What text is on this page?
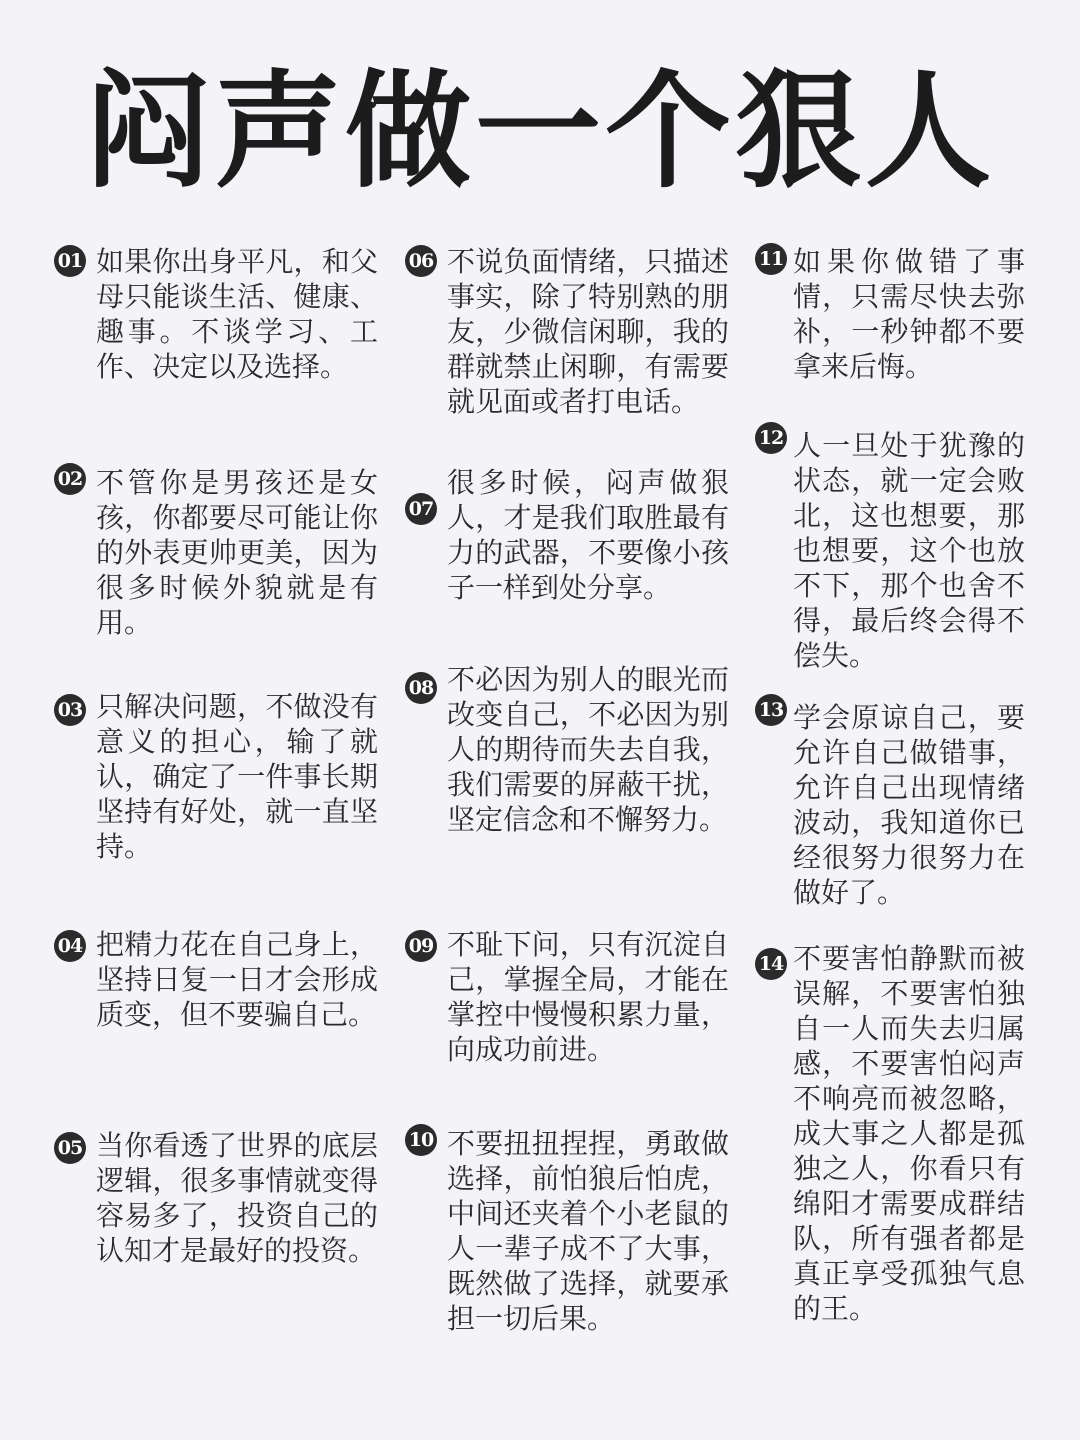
闷声做一个狠人
01 如果你出身平凡，和父母只能谈生活、健康、趣事。不谈学习、工作、决定以及选择。
02 不管你是男孩还是女孩，你都要尽可能让你的外表更帅更美，因为很多时候外貌就是有用。
03 只解决问题，不做没有意义的担心，输了就认，确定了一件事长期坚持有好处，就一直坚持。
04 把精力花在自己身上，坚持日复一日才会形成质变，但不要骗自己。
05 当你看透了世界的底层逻辑，很多事情就变得容易多了，投资自己的认知才是最好的投资。
06 不说负面情绪，只描述事实，除了特别熟的朋友，少微信闲聊，我的群就禁止闲聊，有需要就见面或者打电话。
07
很多时候，闷声做狠人，才是我们取胜最有力的武器，不要像小孩子一样到处分享。
08 不必因为别人的眼光而改变自己，不必因为别人的期待而失去自我，我们需要的屏蔽干扰，坚定信念和不懈努力。
09 不耻下问，只有沉淀自己，掌握全局，才能在掌控中慢慢积累力量，向成功前进。
10 不要扭扭捏捏，勇敢做选择，前怕狼后怕虎，中间还夹着个小老鼠的人一辈子成不了大事，既然做了选择，就要承担一切后果。
11 如果你做错了事情，只需尽快去弥补，一秒钟都不要拿来后悔。
12 人一旦处于犹豫的状态，就一定会败北，这也想要，那也想要，这个也放不下，那个也舍不得，最后终会得不偿失。
13 学会原谅自己，要允许自己做错事，允许自己出现情绪波动，我知道你已经很努力很努力在做好了。
14 不要害怕静默而被误解，不要害怕独自一人而失去归属感，不要害怕闷声不响亮而被忽略，成大事之人都是孤独之人，你看只有绵阳才需要成群结队，所有强者都是真正享受孤独气息的王。
